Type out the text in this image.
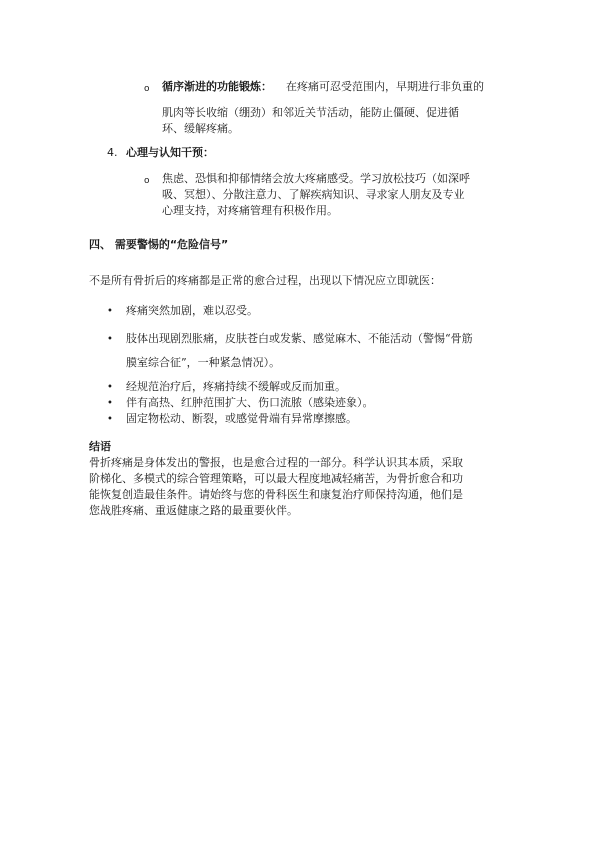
o 循序渐进的功能锻炼： 在疼痛可忍受范围内，早期进行非负重的
肌肉等长收缩（绷劲）和邻近关节活动，能防止僵硬、促进循
环、缓解疼痛。
4. 心理与认知干预：
o 焦虑、恐惧和抑郁情绪会放大疼痛感受。学习放松技巧（如深呼
吸、冥想）、分散注意力、了解疾病知识、寻求家人朋友及专业
心理支持，对疼痛管理有积极作用。
四、 需要警惕的“危险信号”
不是所有骨折后的疼痛都是正常的愈合过程，出现以下情况应立即就医：
• 疼痛突然加剧，难以忍受。
• 肢体出现剧烈胀痛，皮肤苍白或发紫、感觉麻木、不能活动（警惕“骨筋
膜室综合征”，一种紧急情况）。
• 经规范治疗后，疼痛持续不缓解或反而加重。
• 伴有高热、红肿范围扩大、伤口流脓（感染迹象）。
• 固定物松动、断裂，或感觉骨端有异常摩擦感。
结语
骨折疼痛是身体发出的警报，也是愈合过程的一部分。科学认识其本质，采取
阶梯化、多模式的综合管理策略，可以最大程度地减轻痛苦，为骨折愈合和功
能恢复创造最佳条件。请始终与您的骨科医生和康复治疗师保持沟通，他们是
您战胜疼痛、重返健康之路的最重要伙伴。
